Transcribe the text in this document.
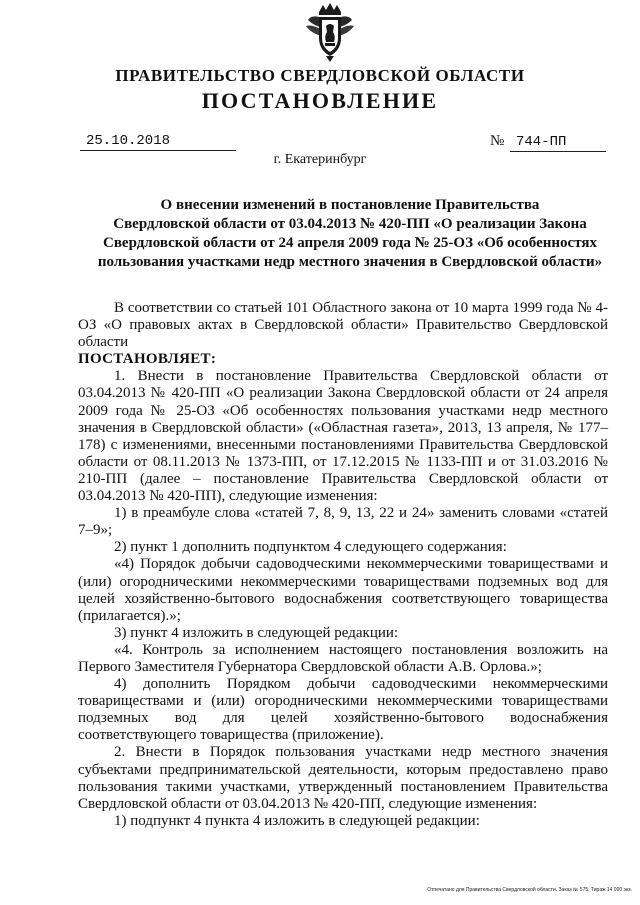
ПРАВИТЕЛЬСТВО СВЕРДЛОВСКОЙ ОБЛАСТИ
ПОСТАНОВЛЕНИЕ
25.10.2018	№ 744-ПП
г. Екатеринбург
О внесении изменений в постановление Правительства
Свердловской области от 03.04.2013 № 420-ПП «О реализации Закона
Свердловской области от 24 апреля 2009 года № 25-ОЗ «Об особенностях
пользования участками недр местного значения в Свердловской области»

В соответствии со статьей 101 Областного закона от 10 марта 1999 года № 4-ОЗ «О правовых актах в Свердловской области» Правительство Свердловской области

ПОСТАНОВЛЯЕТ:

1. Внести в постановление Правительства Свердловской области от 03.04.2013 № 420-ПП «О реализации Закона Свердловской области от 24 апреля 2009 года № 25-ОЗ «Об особенностях пользования участками недр местного значения в Свердловской области» («Областная газета», 2013, 13 апреля, № 177–178) с изменениями, внесенными постановлениями Правительства Свердловской области от 08.11.2013 № 1373-ПП, от 17.12.2015 № 1133-ПП и от 31.03.2016 № 210-ПП (далее – постановление Правительства Свердловской области от 03.04.2013 № 420-ПП), следующие изменения:

1) в преамбуле слова «статей 7, 8, 9, 13, 22 и 24» заменить словами «статей 7–9»;

2) пункт 1 дополнить подпунктом 4 следующего содержания:

«4) Порядок добычи садоводческими некоммерческими товариществами и (или) огородническими некоммерческими товариществами подземных вод для целей хозяйственно-бытового водоснабжения соответствующего товарищества (прилагается).»;

3) пункт 4 изложить в следующей редакции:

«4. Контроль за исполнением настоящего постановления возложить на Первого Заместителя Губернатора Свердловской области А.В. Орлова.»;

4) дополнить Порядком добычи садоводческими некоммерческими товариществами и (или) огородническими некоммерческими товариществами подземных вод для целей хозяйственно-бытового водоснабжения соответствующего товарищества (приложение).

2. Внести в Порядок пользования участками недр местного значения субъектами предпринимательской деятельности, которым предоставлено право пользования такими участками, утвержденный постановлением Правительства Свердловской области от 03.04.2013 № 420-ПП, следующие изменения:

1) подпункт 4 пункта 4 изложить в следующей редакции:

Отпечатано для Правительства Свердловской области. Заказ № 575. Тираж 14 000 экз.
